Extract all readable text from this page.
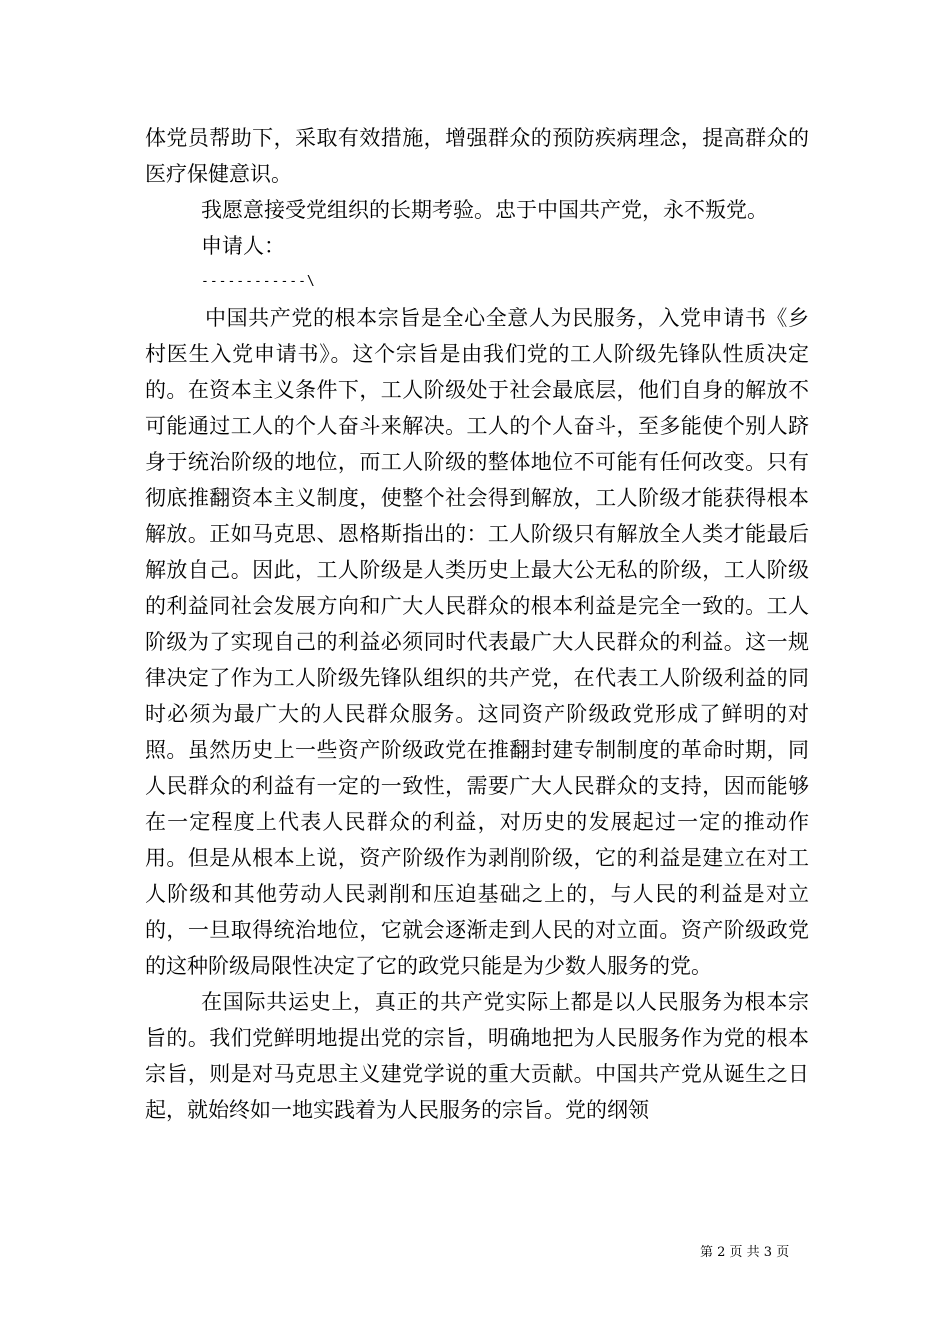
体党员帮助下，采取有效措施，增强群众的预防疾病理念，提高群众的医疗保健意识。

我愿意接受党组织的长期考验。忠于中国共产党，永不叛党。

申请人：

------------\

中国共产党的根本宗旨是全心全意人为民服务，入党申请书《乡村医生入党申请书》。这个宗旨是由我们党的工人阶级先锋队性质决定的。在资本主义条件下，工人阶级处于社会最底层，他们自身的解放不可能通过工人的个人奋斗来解决。工人的个人奋斗，至多能使个别人跻身于统治阶级的地位，而工人阶级的整体地位不可能有任何改变。只有彻底推翻资本主义制度，使整个社会得到解放，工人阶级才能获得根本解放。正如马克思、恩格斯指出的：工人阶级只有解放全人类才能最后解放自己。因此，工人阶级是人类历史上最大公无私的阶级，工人阶级的利益同社会发展方向和广大人民群众的根本利益是完全一致的。工人阶级为了实现自己的利益必须同时代表最广大人民群众的利益。这一规律决定了作为工人阶级先锋队组织的共产党，在代表工人阶级利益的同时必须为最广大的人民群众服务。这同资产阶级政党形成了鲜明的对照。虽然历史上一些资产阶级政党在推翻封建专制制度的革命时期，同人民群众的利益有一定的一致性，需要广大人民群众的支持，因而能够在一定程度上代表人民群众的利益，对历史的发展起过一定的推动作用。但是从根本上说，资产阶级作为剥削阶级，它的利益是建立在对工人阶级和其他劳动人民剥削和压迫基础之上的，与人民的利益是对立的，一旦取得统治地位，它就会逐渐走到人民的对立面。资产阶级政党的这种阶级局限性决定了它的政党只能是为少数人服务的党。

在国际共运史上，真正的共产党实际上都是以人民服务为根本宗旨的。我们党鲜明地提出党的宗旨，明确地把为人民服务作为党的根本宗旨，则是对马克思主义建党学说的重大贡献。中国共产党从诞生之日起，就始终如一地实践着为人民服务的宗旨。党的纲领

第 2 页 共 3 页
